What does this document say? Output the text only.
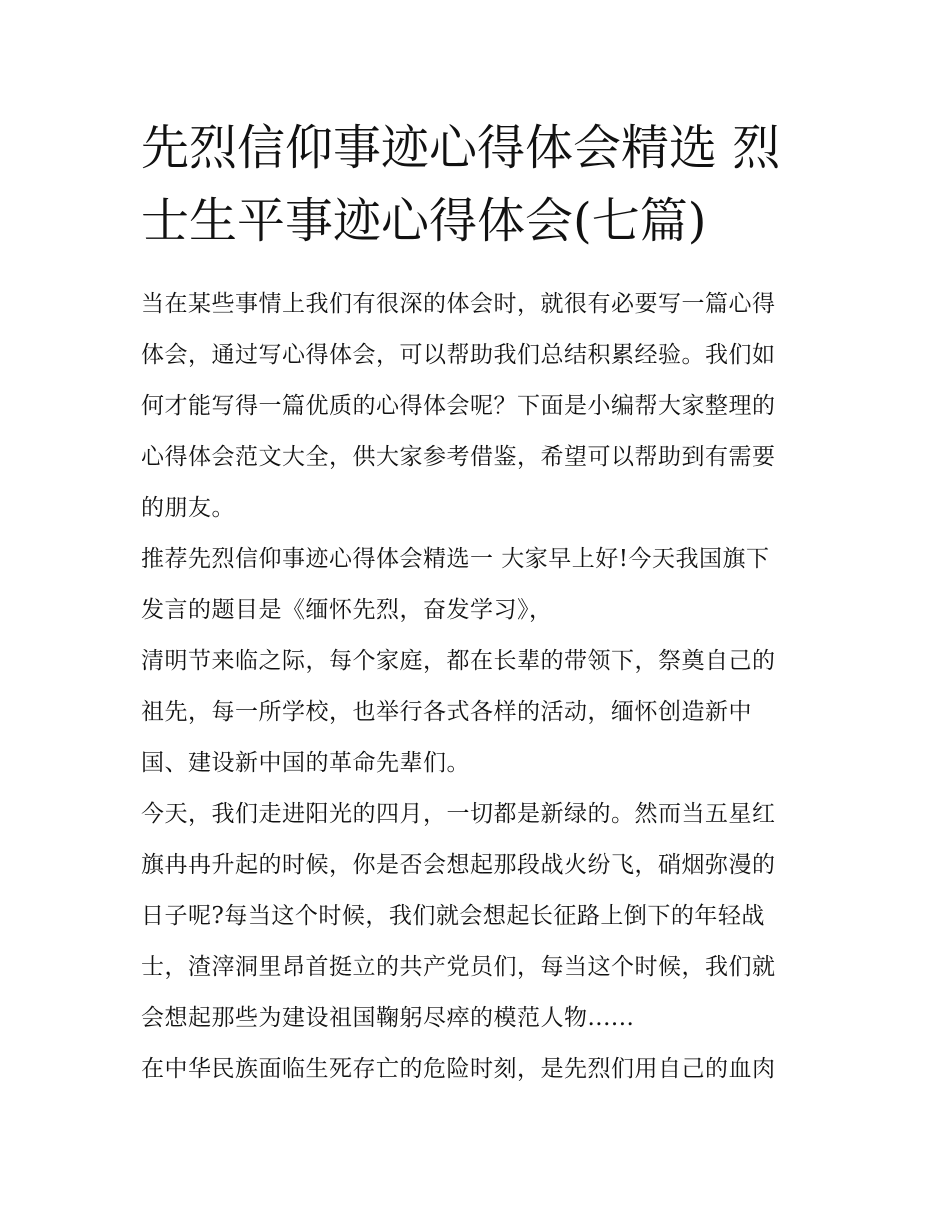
先烈信仰事迹心得体会精选 烈
士生平事迹心得体会(七篇)

当在某些事情上我们有很深的体会时，就很有必要写一篇心得
体会，通过写心得体会，可以帮助我们总结积累经验。我们如
何才能写得一篇优质的心得体会呢？下面是小编帮大家整理的
心得体会范文大全，供大家参考借鉴，希望可以帮助到有需要
的朋友。

推荐先烈信仰事迹心得体会精选一 大家早上好!今天我国旗下
发言的题目是《缅怀先烈，奋发学习》，

清明节来临之际，每个家庭，都在长辈的带领下，祭奠自己的
祖先，每一所学校，也举行各式各样的活动，缅怀创造新中
国、建设新中国的革命先辈们。

今天，我们走进阳光的四月，一切都是新绿的。然而当五星红
旗冉冉升起的时候，你是否会想起那段战火纷飞，硝烟弥漫的
日子呢?每当这个时候，我们就会想起长征路上倒下的年轻战
士，渣滓洞里昂首挺立的共产党员们，每当这个时候，我们就
会想起那些为建设祖国鞠躬尽瘁的模范人物......

在中华民族面临生死存亡的危险时刻，是先烈们用自己的血肉
